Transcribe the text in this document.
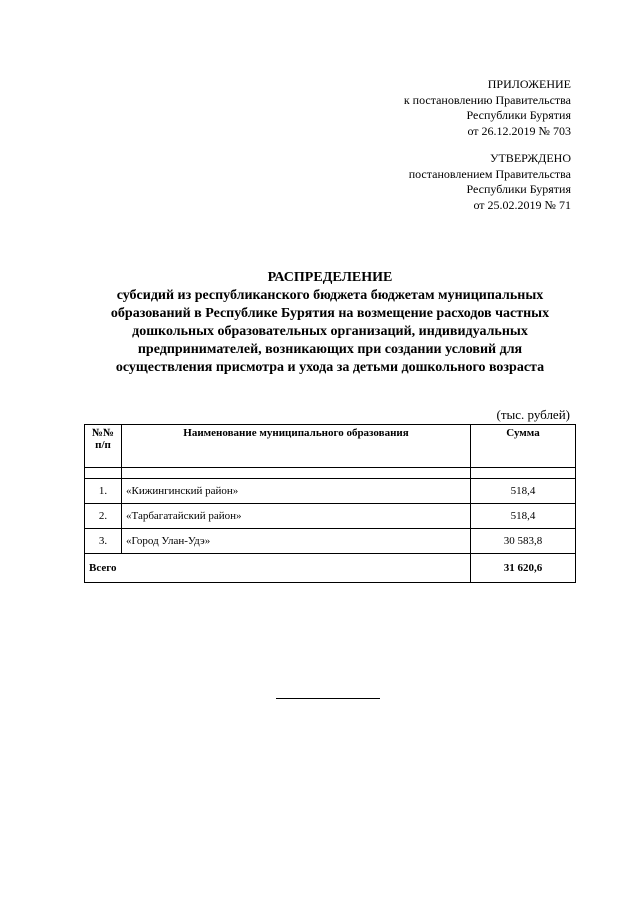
ПРИЛОЖЕНИЕ
к постановлению Правительства
Республики Бурятия
от 26.12.2019 № 703
УТВЕРЖДЕНО
постановлением Правительства
Республики Бурятия
от 25.02.2019 № 71
РАСПРЕДЕЛЕНИЕ
субсидий из республиканского бюджета бюджетам муниципальных
образований в Республике Бурятия на возмещение расходов частных
дошкольных образовательных организаций, индивидуальных
предпринимателей, возникающих при создании условий для
осуществления присмотра и ухода за детьми дошкольного возраста
(тыс. рублей)
№№
п/п	Наименование муниципального образования	Сумма

1.	«Кижингинский район»	518,4
2.	«Тарбагатайский район»	518,4
3.	«Город Улан-Удэ»	30 583,8
Всего		31 620,6
